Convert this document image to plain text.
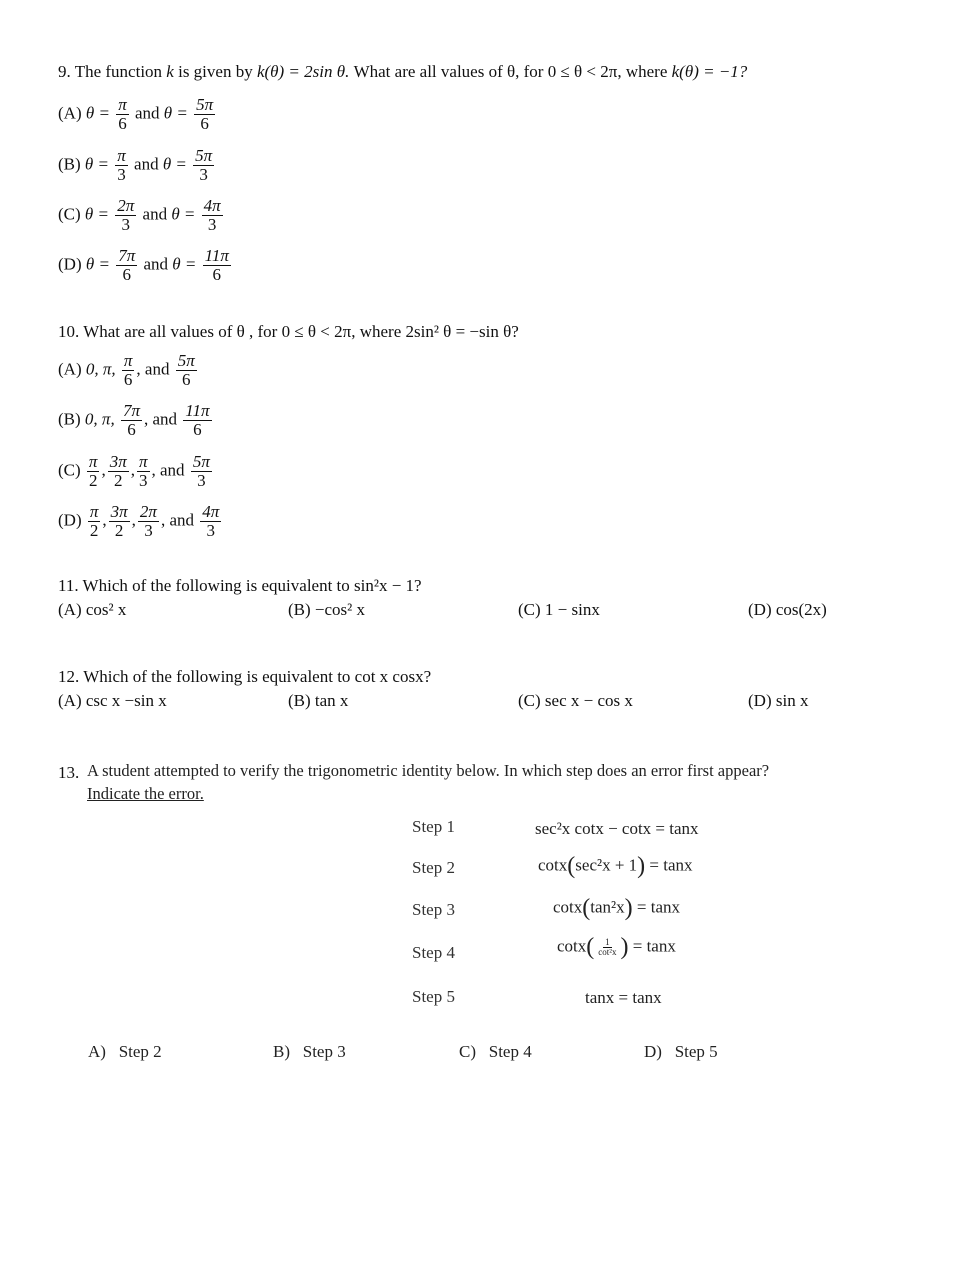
9. The function k is given by k(θ) = 2sin θ. What are all values of θ, for 0 ≤ θ < 2π, where k(θ) = −1?
(A) $\theta = \frac{\pi}{6}$ and $\theta = \frac{5\pi}{6}$
(B) $\theta = \frac{\pi}{3}$ and $\theta = \frac{5\pi}{3}$
(C) $\theta = \frac{2\pi}{3}$ and $\theta = \frac{4\pi}{3}$
(D) $\theta = \frac{7\pi}{6}$ and $\theta = \frac{11\pi}{6}$
10. What are all values of θ , for 0 ≤ θ < 2π, where 2sin² θ = −sin θ?
(A) 0, π, $\frac{\pi}{6}$ , and $\frac{5\pi}{6}$
(B) 0, π, $\frac{7\pi}{6}$ , and $\frac{11\pi}{6}$
$(C) \frac{\pi}{2}$ , $\frac{3\pi}{2}$ , $\frac{\pi}{3}$ , and $\frac{5\pi}{3}$
$(D) \frac{\pi}{2}$ , $\frac{3\pi}{2}$ , $\frac{2\pi}{3}$ , and $\frac{4\pi}{3}$
11. Which of the following is equivalent to sin²x − 1?
(A) cos² x	(B) −cos² x	(C) 1 − sinx	(D) cos(2x)
12. Which of the following is equivalent to cot x cosx?
(A) csc x −sin x	(B) tan x	(C) sec x − cos x	(D) sin x
13. A student attempted to verify the trigonometric identity below. In which step does an error first appear?
Indicate the error.
Step 1	sec²x cotx − cotx = tanx
Step 2	cotx(sec²x + 1) = tanx
Step 3	cotx(tan²x) = tanx
Step 4	$\cot x( \frac{1}{\text{cot²x}}$ ) = tanx
Step 5	tanx = tanx
A) Step 2	B) Step 3	C) Step 4	D) Step 5
